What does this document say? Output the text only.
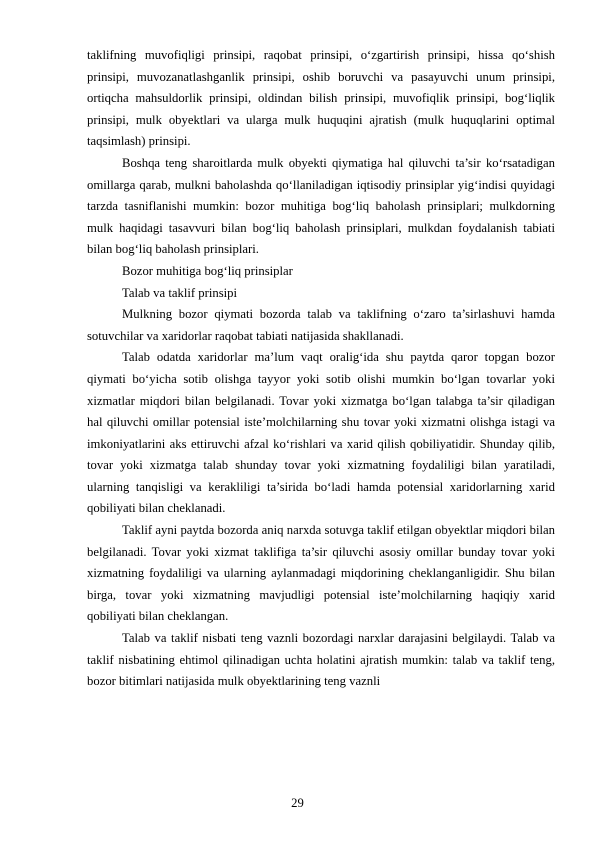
taklifning muvofiqligi prinsipi, raqobat prinsipi, o‘zgartirish prinsipi, hissa qo‘shish prinsipi, muvozanatlashganlik prinsipi, oshib boruvchi va pasayuvchi unum prinsipi, ortiqcha mahsuldorlik prinsipi, oldindan bilish prinsipi, muvofiqlik prinsipi, bog‘liqlik prinsipi, mulk obyektlari va ularga mulk huquqini ajratish (mulk huquqlarini optimal taqsimlash) prinsipi.

Boshqa teng sharoitlarda mulk obyekti qiymatiga hal qiluvchi ta’sir ko‘rsatadigan omillarga qarab, mulkni baholashda qo‘llaniladigan iqtisodiy prinsiplar yig‘indisi quyidagi tarzda tasniflanishi mumkin: bozor muhitiga bog‘liq baholash prinsiplari; mulkdorning mulk haqidagi tasavvuri bilan bog‘liq baholash prinsiplari, mulkdan foydalanish tabiati bilan bog‘liq baholash prinsiplari.

Bozor muhitiga bog‘liq prinsiplar

Talab va taklif prinsipi

Mulkning bozor qiymati bozorda talab va taklifning o‘zaro ta’sirlashuvi hamda sotuvchilar va xaridorlar raqobat tabiati natijasida shakllanadi.

Talab odatda xaridorlar ma’lum vaqt oralig‘ida shu paytda qaror topgan bozor qiymati bo‘yicha sotib olishga tayyor yoki sotib olishi mumkin bo‘lgan tovarlar yoki xizmatlar miqdori bilan belgilanadi. Tovar yoki xizmatga bo‘lgan talabga ta’sir qiladigan hal qiluvchi omillar potensial iste’molchilarning shu tovar yoki xizmatni olishga istagi va imkoniyatlarini aks ettiruvchi afzal ko‘rishlari va xarid qilish qobiliyatidir. Shunday qilib, tovar yoki xizmatga talab shunday tovar yoki xizmatning foydaliligi bilan yaratiladi, ularning tanqisligi va kerakliligi ta’sirida bo‘ladi hamda potensial xaridorlarning xarid qobiliyati bilan cheklanadi.

Taklif ayni paytda bozorda aniq narxda sotuvga taklif etilgan obyektlar miqdori bilan belgilanadi. Tovar yoki xizmat taklifiga ta’sir qiluvchi asosiy omillar bunday tovar yoki xizmatning foydaliligi va ularning aylanmadagi miqdorining cheklanganligidir. Shu bilan birga, tovar yoki xizmatning mavjudligi potensial iste’molchilarning haqiqiy xarid qobiliyati bilan cheklangan.

Talab va taklif nisbati teng vaznli bozordagi narxlar darajasini belgilaydi. Talab va taklif nisbatining ehtimol qilinadigan uchta holatini ajratish mumkin: talab va taklif teng, bozor bitimlari natijasida mulk obyektlarining teng vaznli

29
